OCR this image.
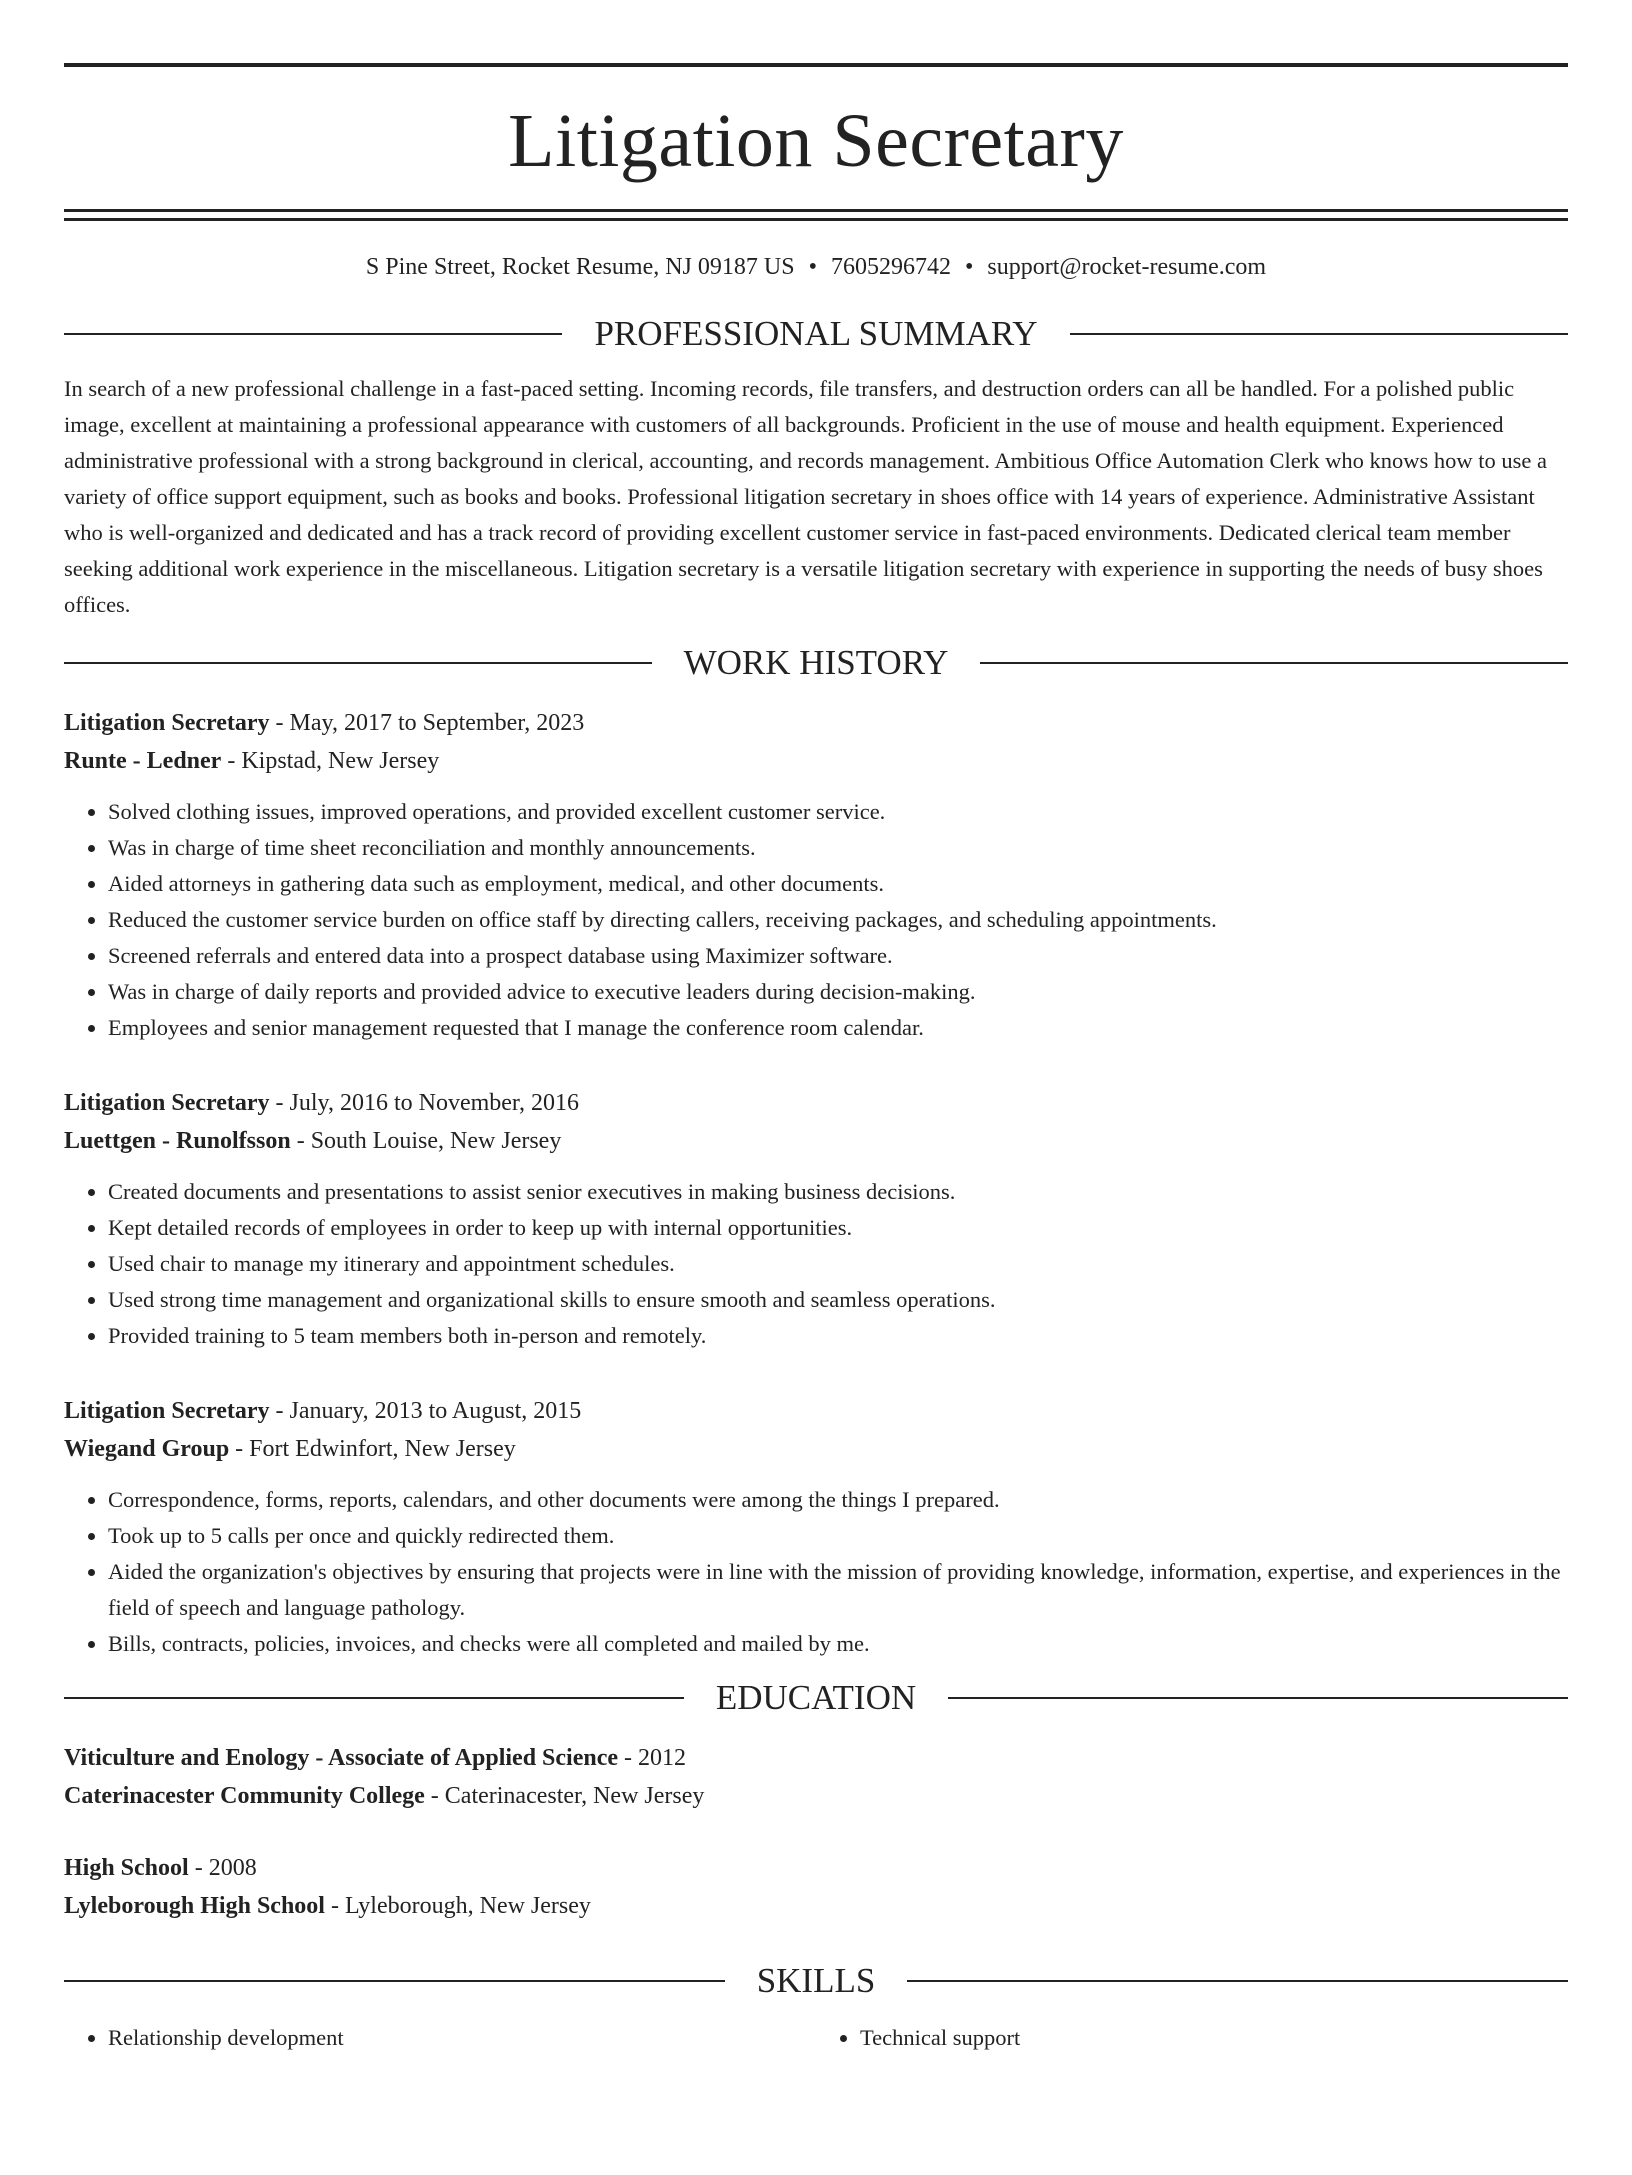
Litigation Secretary
S Pine Street, Rocket Resume, NJ 09187 US • 7605296742 • support@rocket-resume.com
PROFESSIONAL SUMMARY

In search of a new professional challenge in a fast-paced setting. Incoming records, file transfers, and destruction orders can all be handled. For a polished public image, excellent at maintaining a professional appearance with customers of all backgrounds. Proficient in the use of mouse and health equipment. Experienced administrative professional with a strong background in clerical, accounting, and records management. Ambitious Office Automation Clerk who knows how to use a variety of office support equipment, such as books and books. Professional litigation secretary in shoes office with 14 years of experience. Administrative Assistant who is well-organized and dedicated and has a track record of providing excellent customer service in fast-paced environments. Dedicated clerical team member seeking additional work experience in the miscellaneous. Litigation secretary is a versatile litigation secretary with experience in supporting the needs of busy shoes offices.

WORK HISTORY
Litigation Secretary - May, 2017 to September, 2023
Runte - Ledner - Kipstad, New Jersey
• Solved clothing issues, improved operations, and provided excellent customer service.
• Was in charge of time sheet reconciliation and monthly announcements.
• Aided attorneys in gathering data such as employment, medical, and other documents.
• Reduced the customer service burden on office staff by directing callers, receiving packages, and scheduling appointments.
• Screened referrals and entered data into a prospect database using Maximizer software.
• Was in charge of daily reports and provided advice to executive leaders during decision-making.
• Employees and senior management requested that I manage the conference room calendar.
Litigation Secretary - July, 2016 to November, 2016
Luettgen - Runolfsson - South Louise, New Jersey
• Created documents and presentations to assist senior executives in making business decisions.
• Kept detailed records of employees in order to keep up with internal opportunities.
• Used chair to manage my itinerary and appointment schedules.
• Used strong time management and organizational skills to ensure smooth and seamless operations.
• Provided training to 5 team members both in-person and remotely.
Litigation Secretary - January, 2013 to August, 2015
Wiegand Group - Fort Edwinfort, New Jersey
• Correspondence, forms, reports, calendars, and other documents were among the things I prepared.
• Took up to 5 calls per once and quickly redirected them.
• Aided the organization's objectives by ensuring that projects were in line with the mission of providing knowledge, information, expertise, and experiences in the field of speech and language pathology.
• Bills, contracts, policies, invoices, and checks were all completed and mailed by me.
EDUCATION
Viticulture and Enology - Associate of Applied Science - 2012
Caterinacester Community College - Caterinacester, New Jersey
High School - 2008
Lyleborough High School - Lyleborough, New Jersey
SKILLS
• Relationship development
•	Technical support
